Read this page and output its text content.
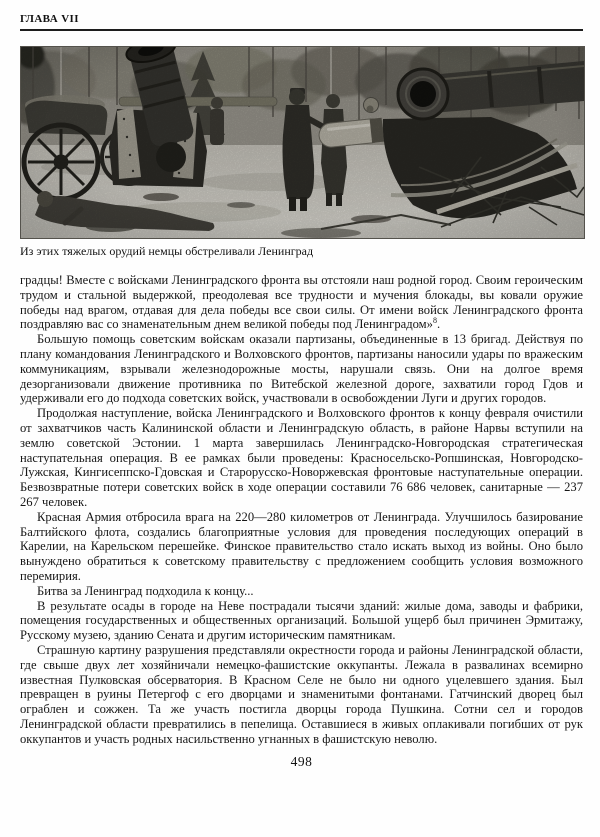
ГЛАВА VII
Из этих тяжелых орудий немцы обстреливали Ленинград

градцы! Вместе с войсками Ленинградского фронта вы отстояли наш родной город. Своим героическим трудом и стальной выдержкой, преодолевая все трудности и мучения блокады, вы ковали оружие победы над врагом, отдавая для дела победы все свои силы. От имени войск Ленинградского фронта поздравляю вас со знаменательным днем великой победы под Ленинградом»$^8$.

Большую помощь советским войскам оказали партизаны, объединенные в 13 бригад. Действуя по плану командования Ленинградского и Волховского фронтов, партизаны наносили удары по вражеским коммуникациям, взрывали железнодорожные мосты, нарушали связь. Они на долгое время дезорганизовали движение противника по Витебской железной дороге, захватили город Гдов и удерживали его до подхода советских войск, участвовали в освобождении Луги и других городов.

Продолжая наступление, войска Ленинградского и Волховского фронтов к концу февраля очистили от захватчиков часть Калининской области и Ленинградскую область, в районе Нарвы вступили на землю советской Эстонии. 1 марта завершилась Ленинградско-Новгородская стратегическая наступательная операция. В ее рамках были проведены: Красносельско-Ропшинская, Новгородско-Лужская, Кингисеппско-Гдовская и Старорусско-Новоржевская фронтовые наступательные операции. Безвозвратные потери советских войск в ходе операции составили 76 686 человек, санитарные — 237 267 человек.

Красная Армия отбросила врага на 220—280 километров от Ленинграда. Улучшилось базирование Балтийского флота, создались благоприятные условия для проведения последующих операций в Карелии, на Карельском перешейке. Финское правительство стало искать выход из войны. Оно было вынуждено обратиться к советскому правительству с предложением сообщить условия возможного перемирия.

Битва за Ленинград подходила к концу...

В результате осады в городе на Неве пострадали тысячи зданий: жилые дома, заводы и фабрики, помещения государственных и общественных организаций. Большой ущерб был причинен Эрмитажу, Русскому музею, зданию Сената и другим историческим памятникам.

Страшную картину разрушения представляли окрестности города и районы Ленинградской области, где свыше двух лет хозяйничали немецко-фашистские оккупанты. Лежала в развалинах всемирно известная Пулковская обсерватория. В Красном Селе не было ни одного уцелевшего здания. Был превращен в руины Петергоф с его дворцами и знаменитыми фонтанами. Гатчинский дворец был ограблен и сожжен. Та же участь постигла дворцы города Пушкина. Сотни сел и городов Ленинградской области превратились в пепелища. Оставшиеся в живых оплакивали погибших от рук оккупантов и участь родных насильственно угнанных в фашистскую неволю.

498
